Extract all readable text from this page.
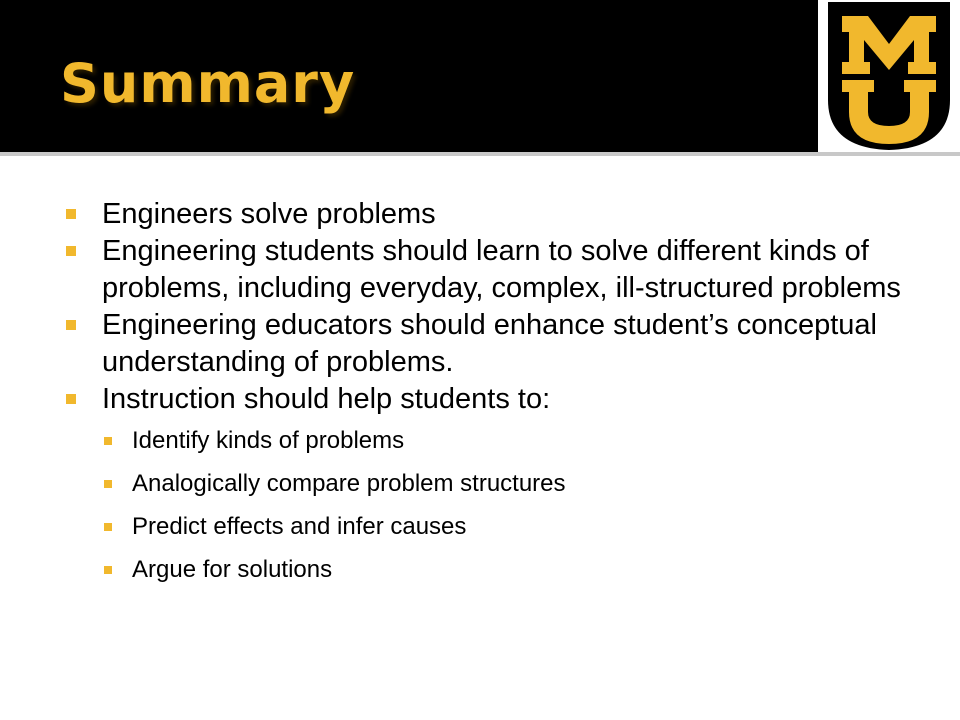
Summary
Engineers solve problems
Engineering students should learn to solve different kinds of problems, including everyday, complex, ill-structured problems
Engineering educators should enhance student’s conceptual understanding of problems.
Instruction should help students to:
Identify kinds of problems
Analogically compare problem structures
Predict effects and infer causes
Argue for solutions
